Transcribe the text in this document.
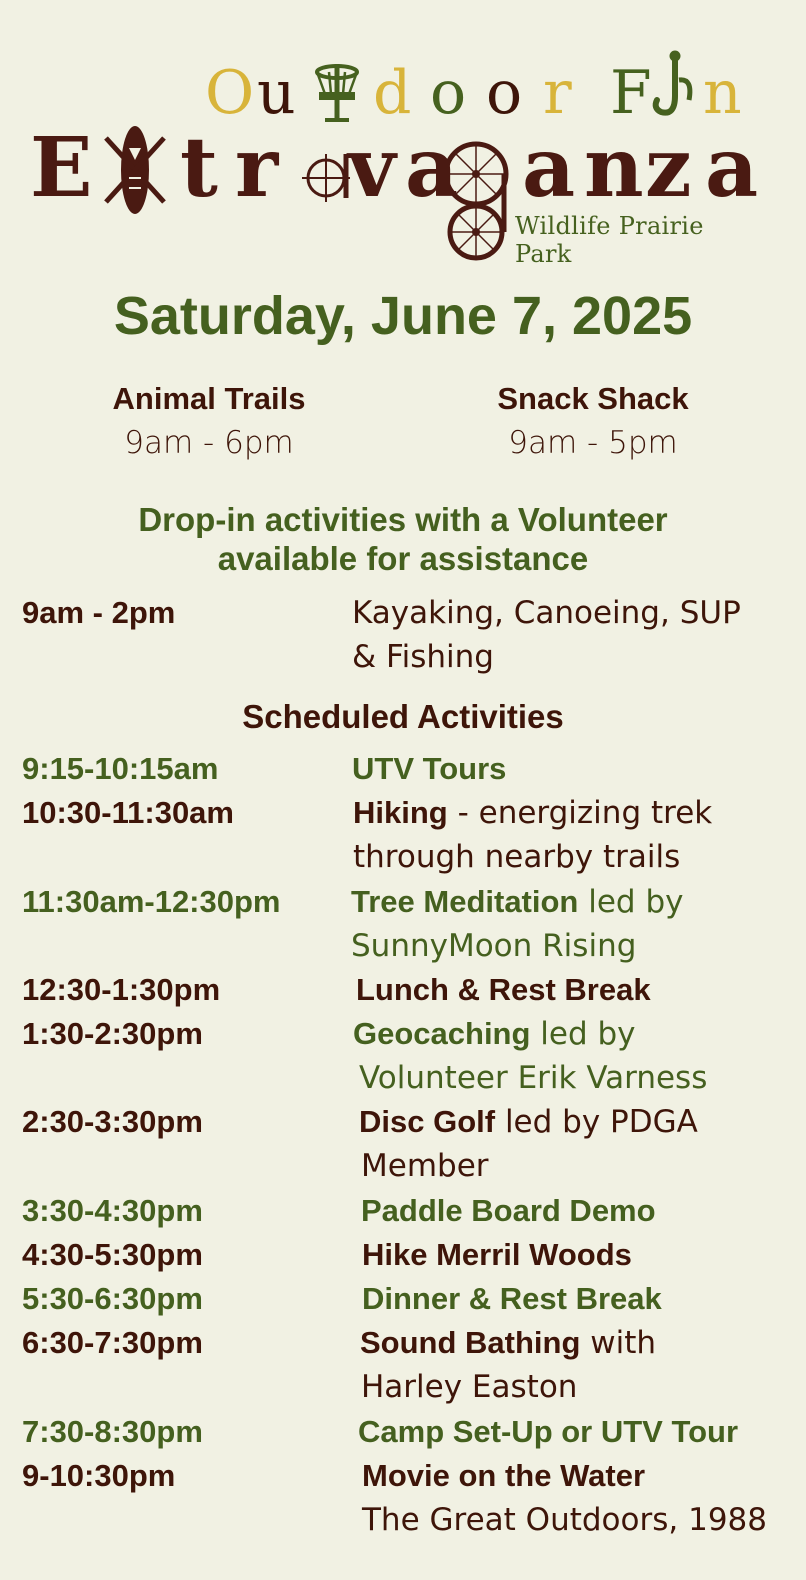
O u d o o r F n
E t r v a a n z a
Wildlife Prairie Park
Saturday, June 7, 2025
Animal Trails
9am - 6pm
Snack Shack
9am - 5pm
Drop-in activities with a Volunteer
available for assistance
9am - 2pm	Kayaking, Canoeing, SUP
& Fishing
Scheduled Activities
9:15-10:15am	UTV Tours
10:30-11:30am	Hiking - energizing trek
through nearby trails
11:30am-12:30pm Tree Meditation led by
SunnyMoon Rising
12:30-1:30pm	Lunch & Rest Break
1:30-2:30pm	Geocaching led by
Volunteer Erik Varness
2:30-3:30pm	Disc Golf led by PDGA
Member
3:30-4:30pm	Paddle Board Demo
4:30-5:30pm	Hike Merril Woods
5:30-6:30pm	Dinner & Rest Break
6:30-7:30pm	Sound Bathing with
Harley Easton
7:30-8:30pm	Camp Set-Up or UTV Tour
9-10:30pm	Movie on the Water
The Great Outdoors, 1988
